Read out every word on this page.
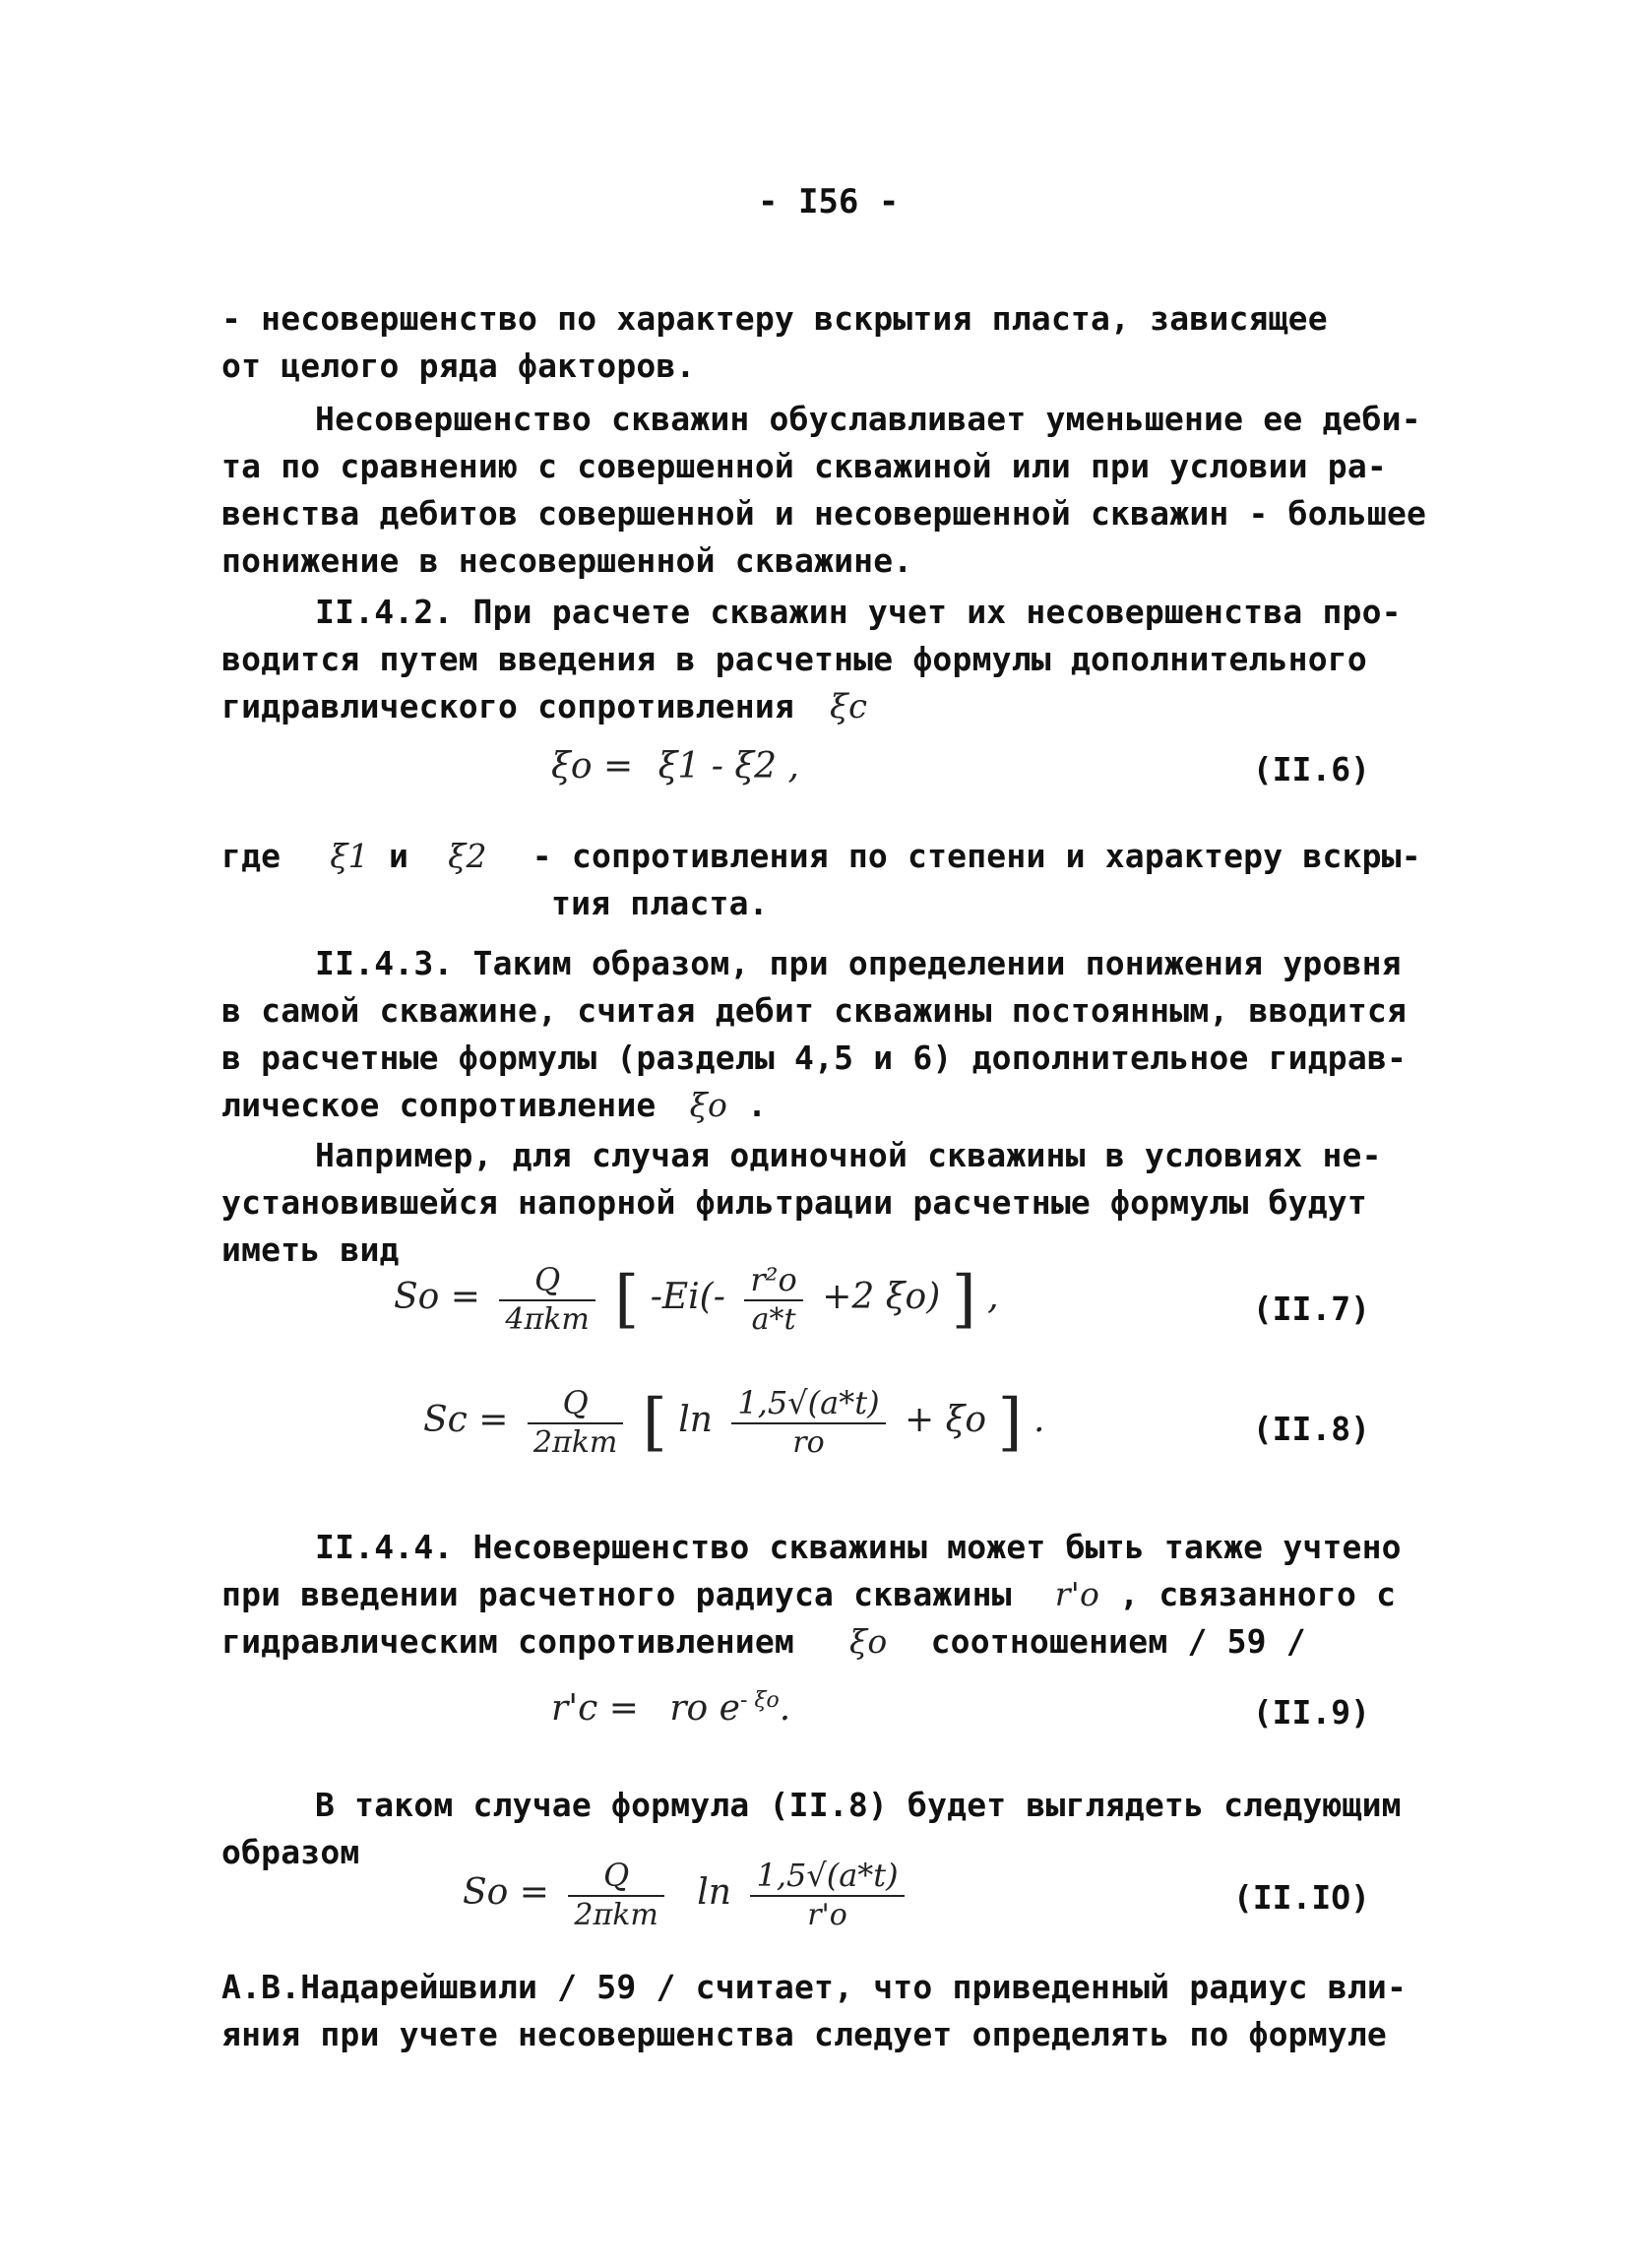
- I56 -
- несовершенство по характеру вскрытия пласта, зависящее
от целого ряда факторов.
Несовершенство скважин обуславливает уменьшение ее деби-
та по сравнению с совершенной скважиной или при условии ра-
венства дебитов совершенной и несовершенной скважин - большее
понижение в несовершенной скважине.
II.4.2. При расчете скважин учет их несовершенства про-
водится путем введения в расчетные формулы дополнительного
гидравлического сопротивления ξc
ξo = ξ1 - ξ2 ,	(II.6)
где ξ1 и ξ2 - сопротивления по степени и характеру вскры-
тия пласта.
II.4.3. Таким образом, при определении понижения уровня
в самой скважине, считая дебит скважины постоянным, вводится
в расчетные формулы (разделы 4,5 и 6) дополнительное гидрав-
лическое сопротивление ξo .
Например, для случая одиночной скважины в условиях не-
установившейся напорной фильтрации расчетные формулы будут
иметь вид
$So = \frac{Q}{\text{4πkm}}$ [ $-Ei(- \frac{\text{r²o}}{a*t} +2$ ξo) ] ,	(II.7)
$Sc = \frac{Q}{\text{2πkm}}$ [ $\ln \frac{1,5√(a*t)}{ro} + \xi o$ ] .	(II.8)
II.4.4. Несовершенство скважины может быть также учтено
при введении расчетного радиуса скважины r'o , связанного с
гидравлическим сопротивлением ξo соотношением / 59 /
r'c = ro $e^{- \xi o}$.	(II.9)
В таком случае формула (II.8) будет выглядеть следующим
образом
$So = \frac{Q}{\text{2πkm}}$ $\ln \frac{1,5√(a*t)}{r'o}$	(II.IO)
А.В.Надарейшвили / 59 / считает, что приведенный радиус вли-
яния при учете несовершенства следует определять по формуле
